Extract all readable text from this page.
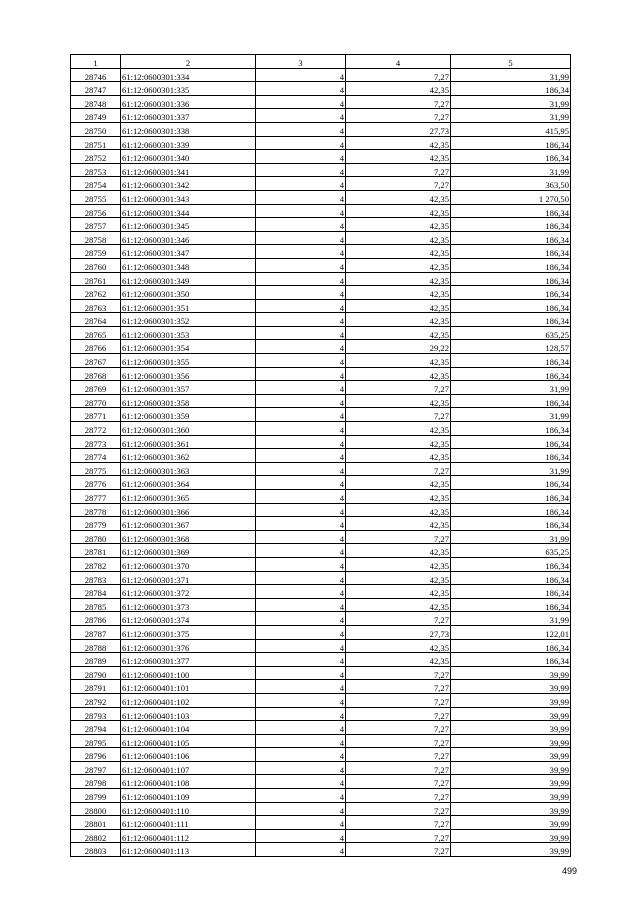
1	2	3	4	5
28746	61:12:0600301:334	4	7,27	31,99
28747	61:12:0600301:335	4	42,35	186,34
28748	61:12:0600301:336	4	7,27	31,99
28749	61:12:0600301:337	4	7,27	31,99
28750	61:12:0600301:338	4	27,73	415,95
28751	61:12:0600301:339	4	42,35	186,34
28752	61:12:0600301:340	4	42,35	186,34
28753	61:12:0600301:341	4	7,27	31,99
28754	61:12:0600301:342	4	7,27	363,50
28755	61:12:0600301:343	4	42,35	1 270,50
28756	61:12:0600301:344	4	42,35	186,34
28757	61:12:0600301:345	4	42,35	186,34
28758	61:12:0600301:346	4	42,35	186,34
28759	61:12:0600301:347	4	42,35	186,34
28760	61:12:0600301:348	4	42,35	186,34
28761	61:12:0600301:349	4	42,35	186,34
28762	61:12:0600301:350	4	42,35	186,34
28763	61:12:0600301:351	4	42,35	186,34
28764	61:12:0600301:352	4	42,35	186,34
28765	61:12:0600301:353	4	42,35	635,25
28766	61:12:0600301:354	4	29,22	128,57
28767	61:12:0600301:355	4	42,35	186,34
28768	61:12:0600301:356	4	42,35	186,34
28769	61:12:0600301:357	4	7,27	31,99
28770	61:12:0600301:358	4	42,35	186,34
28771	61:12:0600301:359	4	7,27	31,99
28772	61:12:0600301:360	4	42,35	186,34
28773	61:12:0600301:361	4	42,35	186,34
28774	61:12:0600301:362	4	42,35	186,34
28775	61:12:0600301:363	4	7,27	31,99
28776	61:12:0600301:364	4	42,35	186,34
28777	61:12:0600301:365	4	42,35	186,34
28778	61:12:0600301:366	4	42,35	186,34
28779	61:12:0600301:367	4	42,35	186,34
28780	61:12:0600301:368	4	7,27	31,99
28781	61:12:0600301:369	4	42,35	635,25
28782	61:12:0600301:370	4	42,35	186,34
28783	61:12:0600301:371	4	42,35	186,34
28784	61:12:0600301:372	4	42,35	186,34
28785	61:12:0600301:373	4	42,35	186,34
28786	61:12:0600301:374	4	7,27	31,99
28787	61:12:0600301:375	4	27,73	122,01
28788	61:12:0600301:376	4	42,35	186,34
28789	61:12:0600301:377	4	42,35	186,34
28790	61:12:0600401:100	4	7,27	39,99
28791	61:12:0600401:101	4	7,27	39,99
28792	61:12:0600401:102	4	7,27	39,99
28793	61:12:0600401:103	4	7,27	39,99
28794	61:12:0600401:104	4	7,27	39,99
28795	61:12:0600401:105	4	7,27	39,99
28796	61:12:0600401:106	4	7,27	39,99
28797	61:12:0600401:107	4	7,27	39,99
28798	61:12:0600401:108	4	7,27	39,99
28799	61:12:0600401:109	4	7,27	39,99
28800	61:12:0600401:110	4	7,27	39,99
28801	61:12:0600401:111	4	7,27	39,99
28802	61:12:0600401:112	4	7,27	39,99
28803	61:12:0600401:113	4	7,27	39,99
499
